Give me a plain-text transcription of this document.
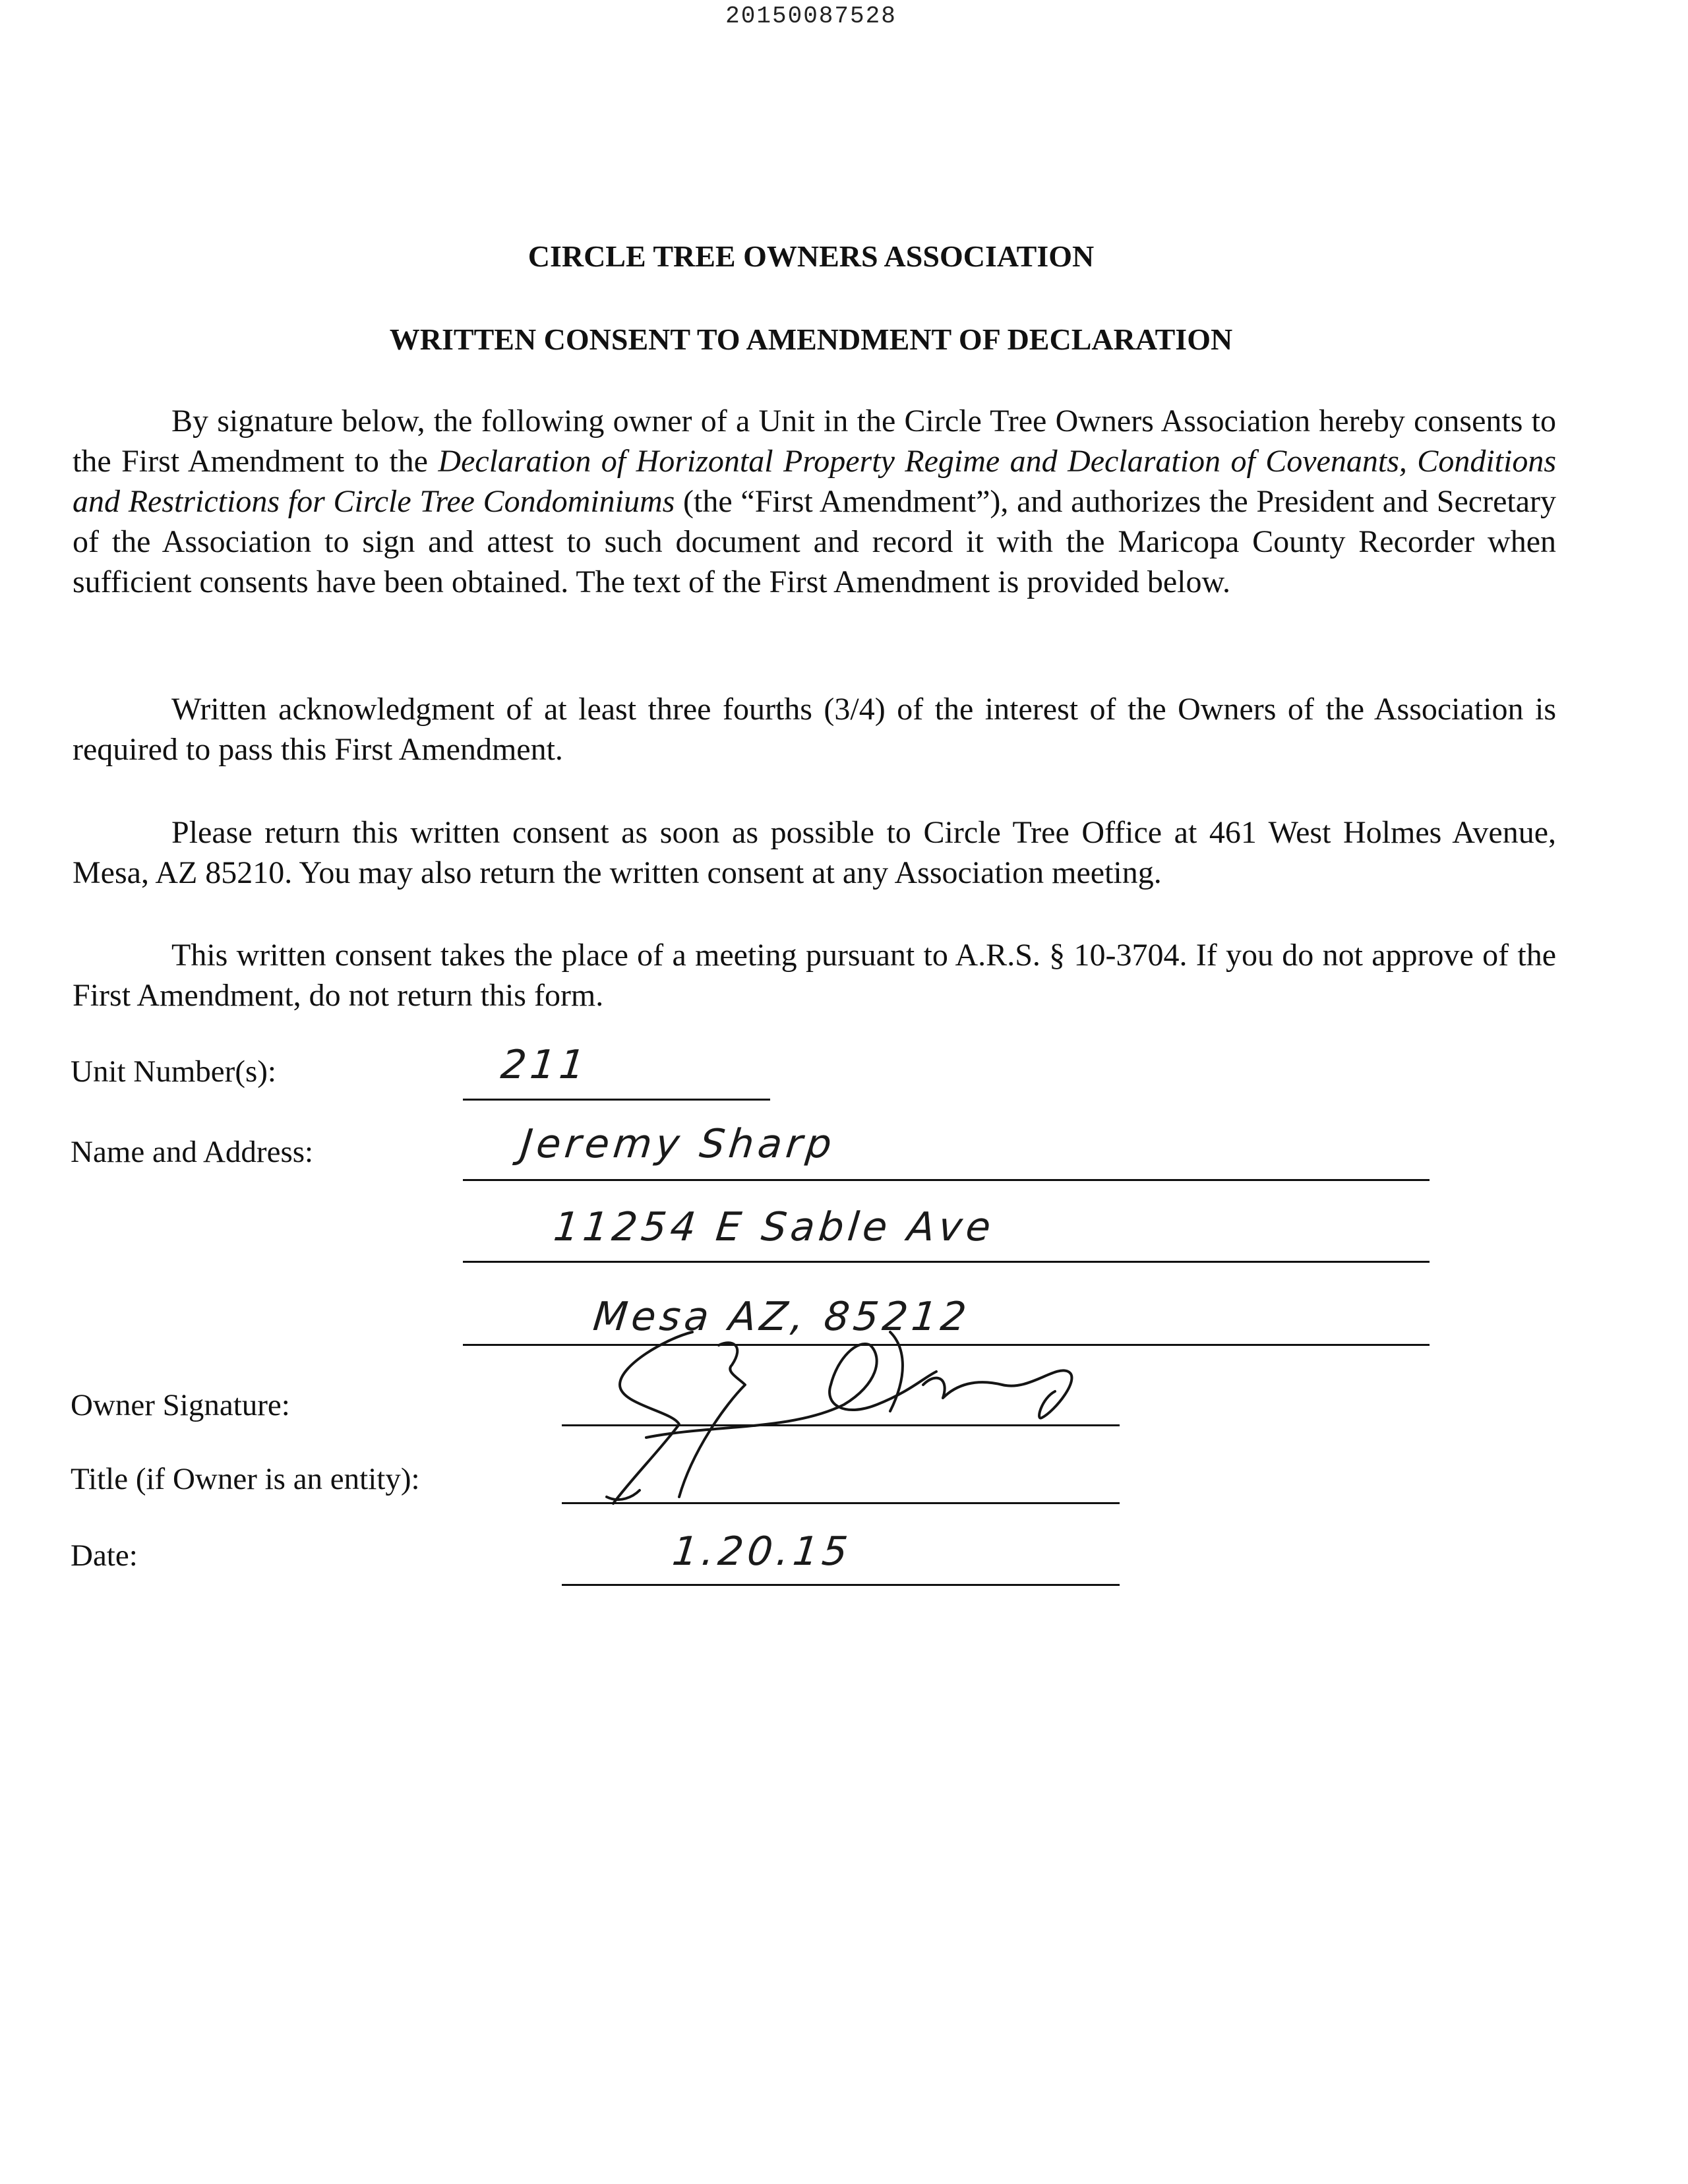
20150087528
CIRCLE TREE OWNERS ASSOCIATION
WRITTEN CONSENT TO AMENDMENT OF DECLARATION
By signature below, the following owner of a Unit in the Circle Tree Owners Association hereby consents to the First Amendment to the Declaration of Horizontal Property Regime and Declaration of Covenants, Conditions and Restrictions for Circle Tree Condominiums (the “First Amendment”), and authorizes the President and Secretary of the Association to sign and attest to such document and record it with the Maricopa County Recorder when sufficient consents have been obtained. The text of the First Amendment is provided below.
Written acknowledgment of at least three fourths (3/4) of the interest of the Owners of the Association is required to pass this First Amendment.
Please return this written consent as soon as possible to Circle Tree Office at 461 West Holmes Avenue, Mesa, AZ 85210. You may also return the written consent at any Association meeting.
This written consent takes the place of a meeting pursuant to A.R.S. § 10-3704. If you do not approve of the First Amendment, do not return this form.
Unit Number(s):	211
Name and Address:	Jeremy Sharp
11254 E Sable Ave
Mesa AZ, 85212
Owner Signature:
Title (if Owner is an entity):
Date:	1.20.15
